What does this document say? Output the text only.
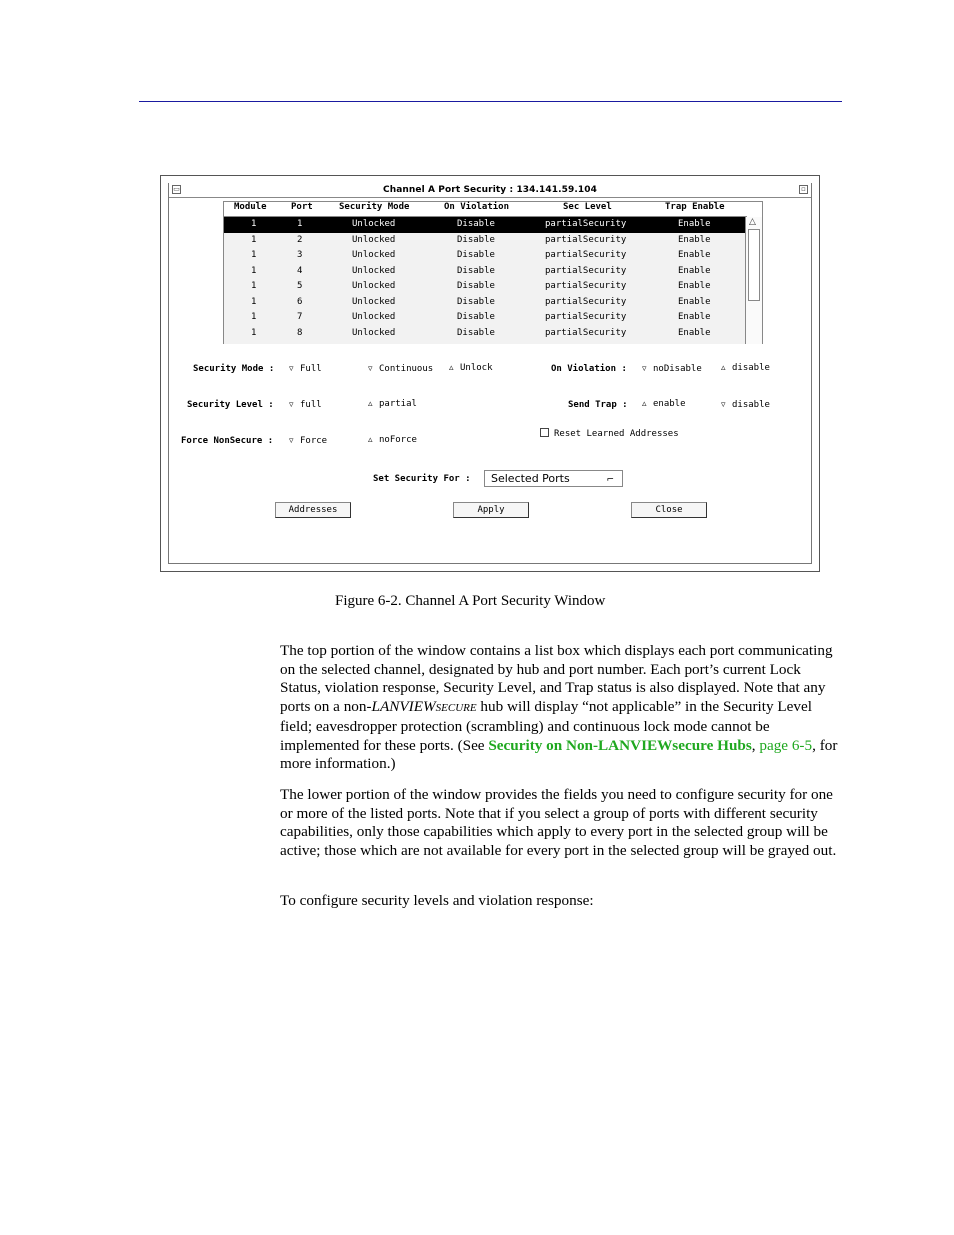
▭	Channel A Port Security : 134.141.59.104	▫
Module	Port	Security Mode	On Violation	Sec Level	Trap Enable
1	1	Unlocked	Disable	partialSecurity	Enable
1	2	Unlocked	Disable	partialSecurity	Enable
1	3	Unlocked	Disable	partialSecurity	Enable
1	4	Unlocked	Disable	partialSecurity	Enable
1	5	Unlocked	Disable	partialSecurity	Enable
1	6	Unlocked	Disable	partialSecurity	Enable
1	7	Unlocked	Disable	partialSecurity	Enable
1	8	Unlocked	Disable	partialSecurity	Enable
△
Security Mode : ▿ Full	▿ Continuous ▵ Unlock	On Violation : ▿ noDisable ▵ disable
Security Level : ▿ full	▵ partial	Send Trap : ▵ enable	▿ disable
Force NonSecure : ▿ Force	▵ noForce
Reset Learned Addresses
Set Security For :	Selected Ports	⌐
Addresses	Apply	Close
Figure 6-2. Channel A Port Security Window

The top portion of the window contains a list box which displays each port communicating on the selected channel, designated by hub and port number. Each port’s current Lock Status, violation response, Security Level, and Trap status is also displayed. Note that any ports on a non-LANVIEWSECURE hub will display “not applicable” in the Security Level field; eavesdropper protection (scrambling) and continuous lock mode cannot be implemented for these ports. (See Security on Non-LANVIEWsecure Hubs, page 6-5, for more information.)

The lower portion of the window provides the fields you need to configure security for one or more of the listed ports. Note that if you select a group of ports with different security capabilities, only those capabilities which apply to every port in the selected group will be active; those which are not available for every port in the selected group will be grayed out.

To configure security levels and violation response:
